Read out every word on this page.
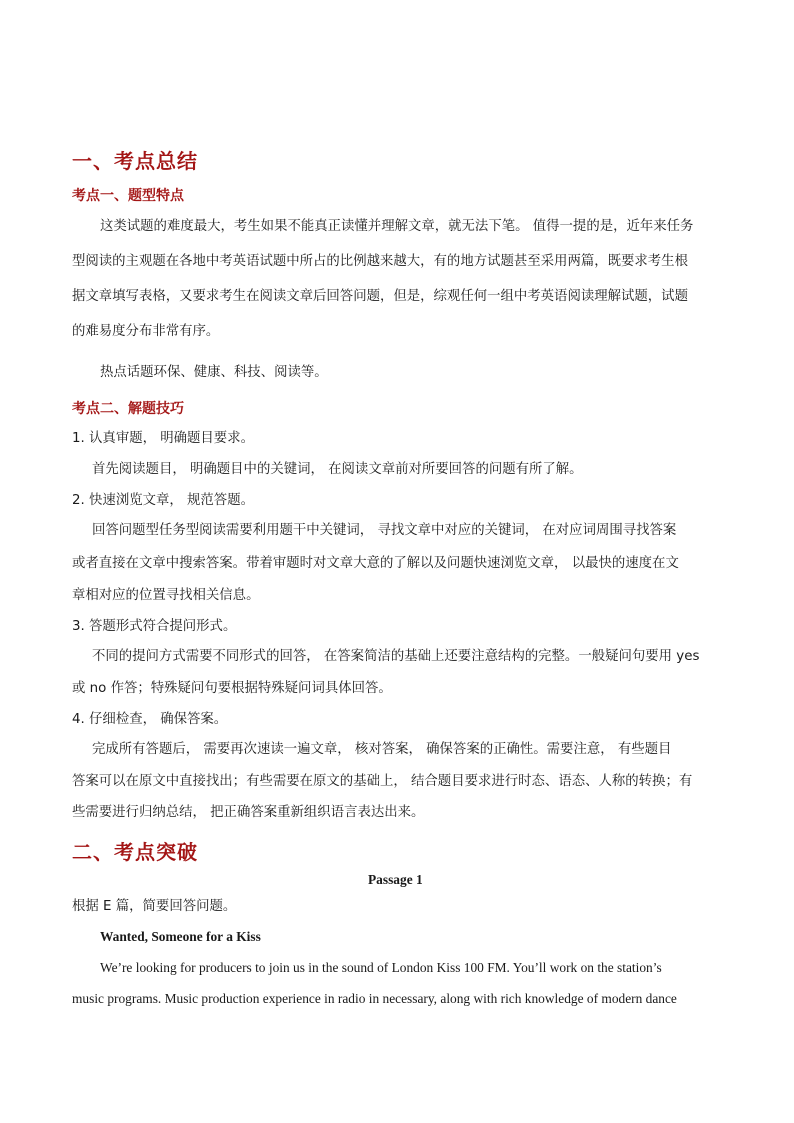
一、考点总结
考点一、题型特点
这类试题的难度最大，考生如果不能真正读懂并理解文章，就无法下笔。 值得一提的是，近年来任务
型阅读的主观题在各地中考英语试题中所占的比例越来越大，有的地方试题甚至采用两篇，既要求考生根
据文章填写表格，又要求考生在阅读文章后回答问题，但是，综观任何一组中考英语阅读理解试题，试题
的难易度分布非常有序。
热点话题环保、健康、科技、阅读等。
考点二、解题技巧
1. 认真审题， 明确题目要求。
首先阅读题目， 明确题目中的关键词， 在阅读文章前对所要回答的问题有所了解。
2. 快速浏览文章， 规范答题。
回答问题型任务型阅读需要利用题干中关键词， 寻找文章中对应的关键词， 在对应词周围寻找答案
或者直接在文章中搜索答案。带着审题时对文章大意的了解以及问题快速浏览文章， 以最快的速度在文
章相对应的位置寻找相关信息。
3. 答题形式符合提问形式。
不同的提问方式需要不同形式的回答， 在答案简洁的基础上还要注意结构的完整。一般疑问句要用 yes
或 no 作答；特殊疑问句要根据特殊疑问词具体回答。
4. 仔细检查， 确保答案。
完成所有答题后， 需要再次速读一遍文章， 核对答案， 确保答案的正确性。需要注意， 有些题目
答案可以在原文中直接找出；有些需要在原文的基础上， 结合题目要求进行时态、语态、人称的转换；有
些需要进行归纳总结， 把正确答案重新组织语言表达出来。
二、考点突破
Passage 1
根据 E 篇，简要回答问题。
Wanted, Someone for a Kiss
We’re looking for producers to join us in the sound of London Kiss 100 FM. You’ll work on the station’s
music programs. Music production experience in radio in necessary, along with rich knowledge of modern dance
